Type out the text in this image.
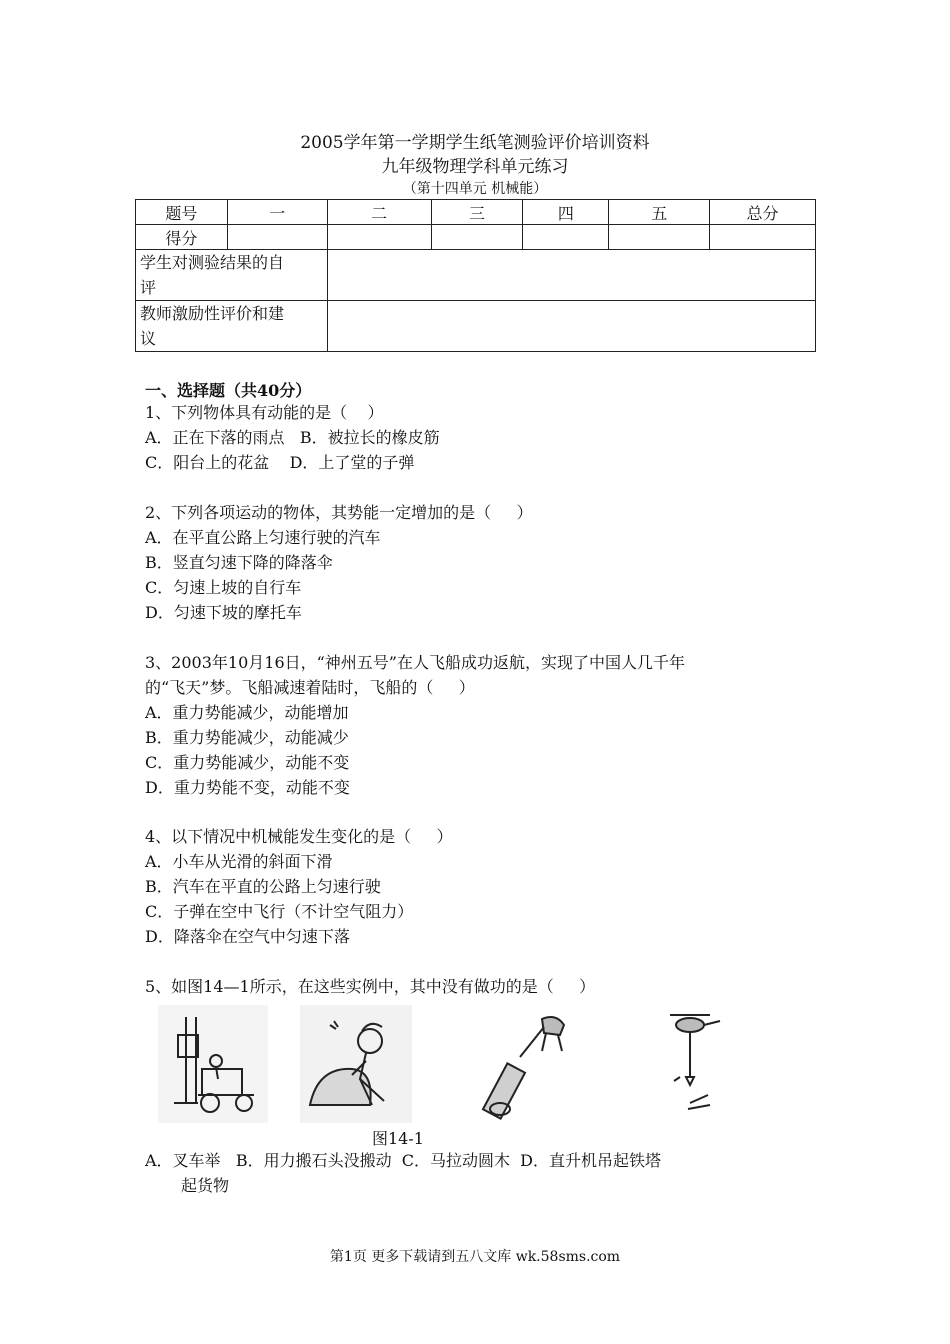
2005学年第一学期学生纸笔测验评价培训资料
九年级物理学科单元练习
（第十四单元 机械能）
题号	一	二	三	四	五	总分
得分						
学生对测验结果的自
评						
教师激励性评价和建
议						
一、选择题（共40分）
1、下列物体具有动能的是（    ）
A．正在下落的雨点   B．被拉长的橡皮筋
C．阳台上的花盆    D．上了堂的子弹
2、下列各项运动的物体，其势能一定增加的是（     ）
A．在平直公路上匀速行驶的汽车
B．竖直匀速下降的降落伞
C．匀速上坡的自行车
D．匀速下坡的摩托车
3、2003年10月16日，“神州五号”在人飞船成功返航，实现了中国人几千年
的“飞天”梦。飞船减速着陆时，飞船的（     ）
A．重力势能减少，动能增加
B．重力势能减少，动能减少
C．重力势能减少，动能不变
D．重力势能不变，动能不变
4、以下情况中机械能发生变化的是（     ）
A．小车从光滑的斜面下滑
B．汽车在平直的公路上匀速行驶
C．子弹在空中飞行（不计空气阻力）
D．降落伞在空气中匀速下落
5、如图14—1所示，在这些实例中，其中没有做功的是（     ）
图14-1
A．叉车举   B．用力搬石头没搬动  C．马拉动圆木  D．直升机吊起铁塔
起货物
第1页 更多下载请到五八文库 wk.58sms.com
